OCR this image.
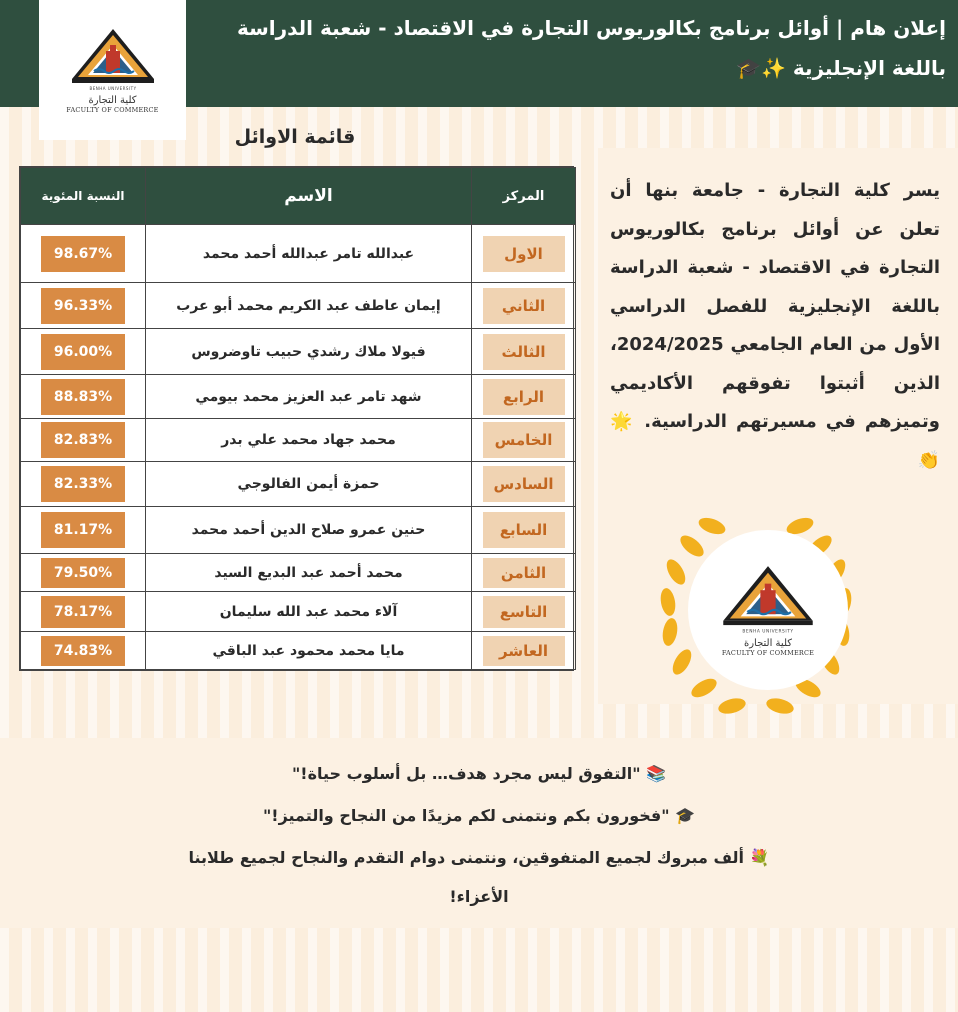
إعلان هام | أوائل برنامج بكالوريوس التجارة في الاقتصاد - شعبة الدراسة باللغة الإنجليزية ✨🎓
BENHA UNIVERSITY
كلية التجارة
FACULTY OF COMMERCE
قائمة الاوائل
النسبة المئوية	الاسم	المركز

98.67%	عبدالله تامر عبدالله أحمد محمد	الاول

96.33%	إيمان عاطف عبد الكريم محمد أبو عرب	الثاني

96.00%	فيولا ملاك رشدي حبيب تاوضروس	الثالث

88.83%	شهد تامر عبد العزيز محمد بيومي	الرابع

82.83%	محمد جهاد محمد علي بدر	الخامس

82.33%	حمزة أيمن الفالوجي	السادس

81.17%	حنين عمرو صلاح الدين أحمد محمد	السابع

79.50%	محمد أحمد عبد البديع السيد	الثامن

78.17%	آلاء محمد عبد الله سليمان	التاسع

74.83%	مايا محمد محمود عبد الباقي	العاشر
يسر كلية التجارة - جامعة بنها أن تعلن عن أوائل برنامج بكالوريوس التجارة في الاقتصاد - شعبة الدراسة باللغة الإنجليزية للفصل الدراسي الأول من العام الجامعي 2024/2025، الذين أثبتوا تفوقهم الأكاديمي وتميزهم في مسيرتهم الدراسية. 🌟👏
BENHA UNIVERSITY
كلية التجارة
FACULTY OF COMMERCE
📚 "التفوق ليس مجرد هدف… بل أسلوب حياة!"
🎓 "فخورون بكم ونتمنى لكم مزيدًا من النجاح والتميز!"
💐 ألف مبروك لجميع المتفوقين، ونتمنى دوام التقدم والنجاح لجميع طلابنا
الأعزاء!
